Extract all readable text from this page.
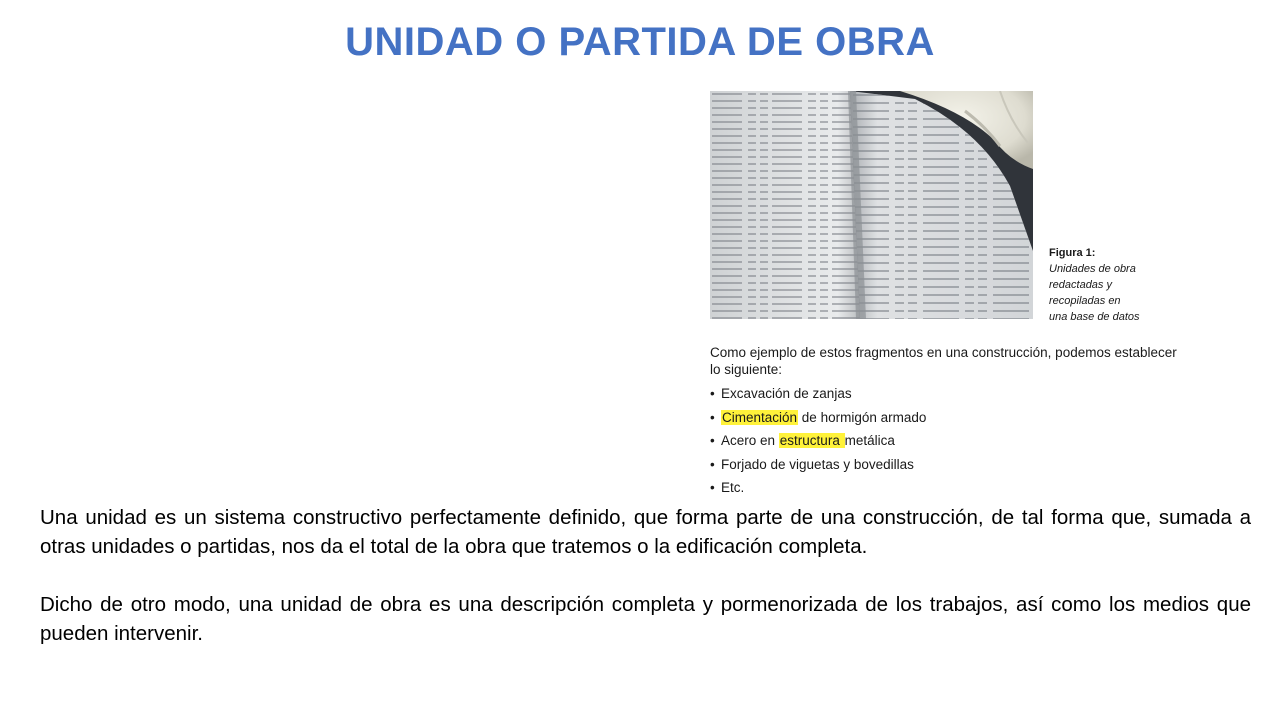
UNIDAD O PARTIDA DE OBRA
Figura 1:
Unidades de obra
redactadas y
recopiladas en
una base de datos

Como ejemplo de estos fragmentos en una construcción, podemos establecer lo siguiente:

• Excavación de zanjas
• Cimentación de hormigón armado
• Acero en estructura metálica
• Forjado de viguetas y bovedillas
• Etc.

Una unidad es un sistema constructivo perfectamente definido, que forma parte de una construcción, de tal forma que, sumada a otras unidades o partidas, nos da el total de la obra que tratemos o la edificación completa.

Dicho de otro modo, una unidad de obra es una descripción completa y pormenorizada de los trabajos, así como los medios que pueden intervenir.
